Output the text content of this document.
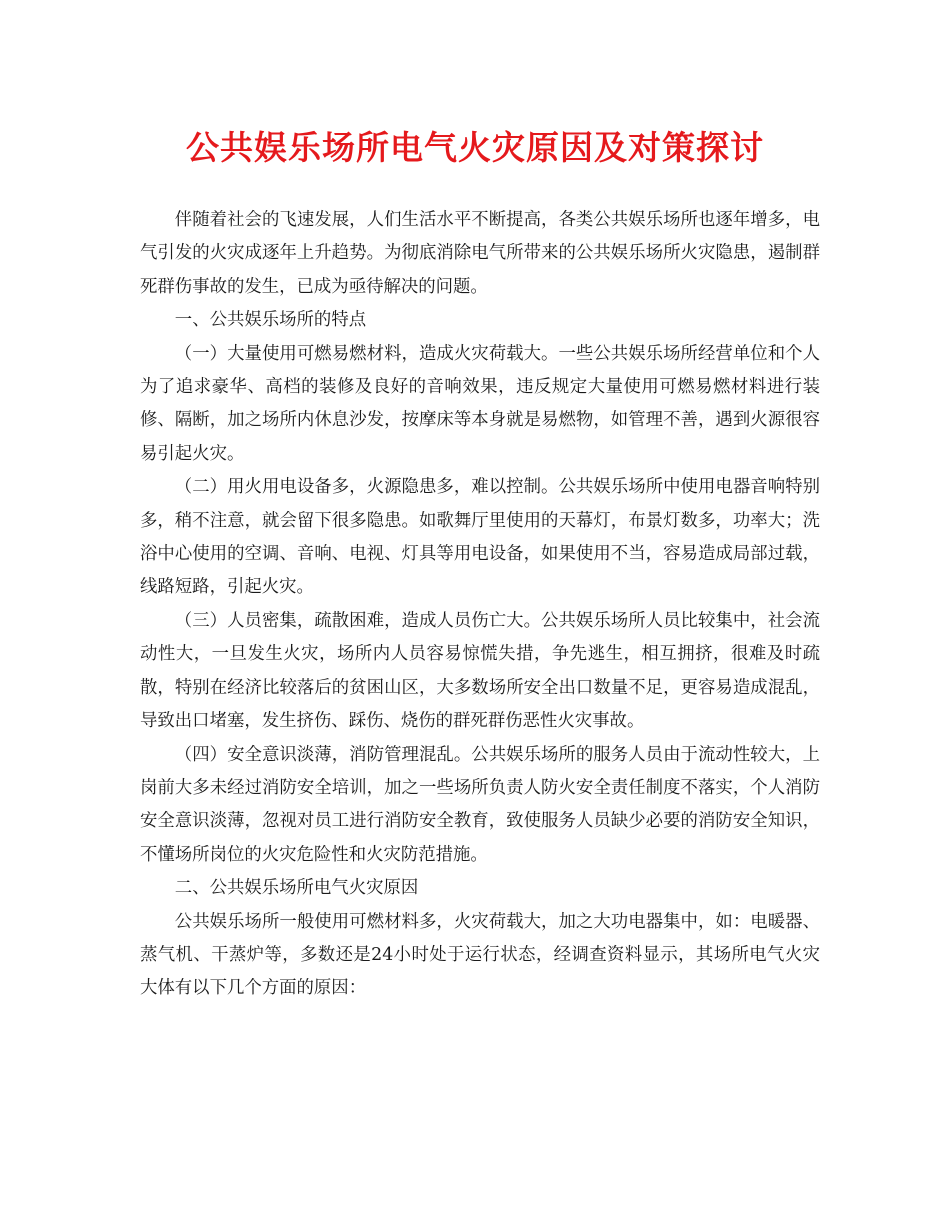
公共娱乐场所电气火灾原因及对策探讨

伴随着社会的飞速发展，人们生活水平不断提高，各类公共娱乐场所也逐年增多，电气引发的火灾成逐年上升趋势。为彻底消除电气所带来的公共娱乐场所火灾隐患，遏制群死群伤事故的发生，已成为亟待解决的问题。

一、公共娱乐场所的特点

（一）大量使用可燃易燃材料，造成火灾荷载大。一些公共娱乐场所经营单位和个人为了追求豪华、高档的装修及良好的音响效果，违反规定大量使用可燃易燃材料进行装修、隔断，加之场所内休息沙发，按摩床等本身就是易燃物，如管理不善，遇到火源很容易引起火灾。

（二）用火用电设备多，火源隐患多，难以控制。公共娱乐场所中使用电器音响特别多，稍不注意，就会留下很多隐患。如歌舞厅里使用的天幕灯，布景灯数多，功率大；洗浴中心使用的空调、音响、电视、灯具等用电设备，如果使用不当，容易造成局部过载，线路短路，引起火灾。

（三）人员密集，疏散困难，造成人员伤亡大。公共娱乐场所人员比较集中，社会流动性大，一旦发生火灾，场所内人员容易惊慌失措，争先逃生，相互拥挤，很难及时疏散，特别在经济比较落后的贫困山区，大多数场所安全出口数量不足，更容易造成混乱，导致出口堵塞，发生挤伤、踩伤、烧伤的群死群伤恶性火灾事故。

（四）安全意识淡薄，消防管理混乱。公共娱乐场所的服务人员由于流动性较大，上岗前大多未经过消防安全培训，加之一些场所负责人防火安全责任制度不落实，个人消防安全意识淡薄，忽视对员工进行消防安全教育，致使服务人员缺少必要的消防安全知识，不懂场所岗位的火灾危险性和火灾防范措施。

二、公共娱乐场所电气火灾原因

公共娱乐场所一般使用可燃材料多，火灾荷载大，加之大功电器集中，如：电暖器、蒸气机、干蒸炉等，多数还是24小时处于运行状态，经调查资料显示，其场所电气火灾大体有以下几个方面的原因：
